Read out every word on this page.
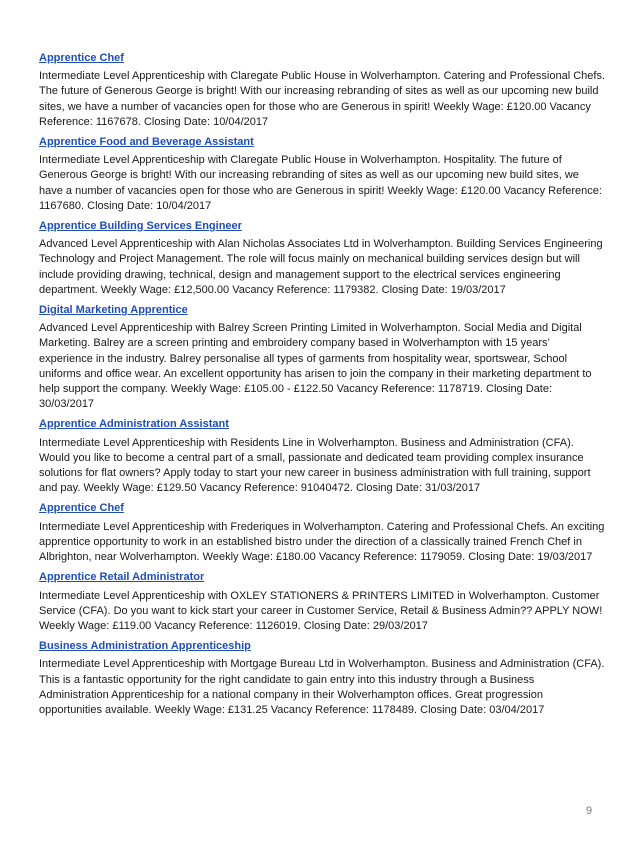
Apprentice Chef

Intermediate Level Apprenticeship with Claregate Public House in Wolverhampton. Catering and Professional Chefs. The future of Generous George is bright! With our increasing rebranding of sites as well as our upcoming new build sites, we have a number of vacancies open for those who are Generous in spirit! Weekly Wage: £120.00 Vacancy Reference: 1167678. Closing Date: 10/04/2017

Apprentice Food and Beverage Assistant

Intermediate Level Apprenticeship with Claregate Public House in Wolverhampton. Hospitality. The future of Generous George is bright! With our increasing rebranding of sites as well as our upcoming new build sites, we have a number of vacancies open for those who are Generous in spirit! Weekly Wage: £120.00 Vacancy Reference: 1167680. Closing Date: 10/04/2017

Apprentice Building Services Engineer

Advanced Level Apprenticeship with Alan Nicholas Associates Ltd in Wolverhampton. Building Services Engineering Technology and Project Management. The role will focus mainly on mechanical building services design but will include providing drawing, technical, design and management support to the electrical services engineering department. Weekly Wage: £12,500.00 Vacancy Reference: 1179382. Closing Date: 19/03/2017

Digital Marketing Apprentice

Advanced Level Apprenticeship with Balrey Screen Printing Limited in Wolverhampton. Social Media and Digital Marketing. Balrey are a screen printing and embroidery company based in Wolverhampton with 15 years’ experience in the industry. Balrey personalise all types of garments from hospitality wear, sportswear, School uniforms and office wear. An excellent opportunity has arisen to join the company in their marketing department to help support the company. Weekly Wage: £105.00 - £122.50 Vacancy Reference: 1178719. Closing Date: 30/03/2017

Apprentice Administration Assistant

Intermediate Level Apprenticeship with Residents Line in Wolverhampton. Business and Administration (CFA). Would you like to become a central part of a small, passionate and dedicated team providing complex insurance solutions for flat owners? Apply today to start your new career in business administration with full training, support and pay. Weekly Wage: £129.50 Vacancy Reference: 91040472. Closing Date: 31/03/2017

Apprentice Chef

Intermediate Level Apprenticeship with Frederiques in Wolverhampton. Catering and Professional Chefs. An exciting apprentice opportunity to work in an established bistro under the direction of a classically trained French Chef in Albrighton, near Wolverhampton. Weekly Wage: £180.00 Vacancy Reference: 1179059. Closing Date: 19/03/2017

Apprentice Retail Administrator

Intermediate Level Apprenticeship with OXLEY STATIONERS & PRINTERS LIMITED in Wolverhampton. Customer Service (CFA). Do you want to kick start your career in Customer Service, Retail & Business Admin?? APPLY NOW! Weekly Wage: £119.00 Vacancy Reference: 1126019. Closing Date: 29/03/2017

Business Administration Apprenticeship

Intermediate Level Apprenticeship with Mortgage Bureau Ltd in Wolverhampton. Business and Administration (CFA). This is a fantastic opportunity for the right candidate to gain entry into this industry through a Business Administration Apprenticeship for a national company in their Wolverhampton offices. Great progression opportunities available. Weekly Wage: £131.25 Vacancy Reference: 1178489. Closing Date: 03/04/2017

9
